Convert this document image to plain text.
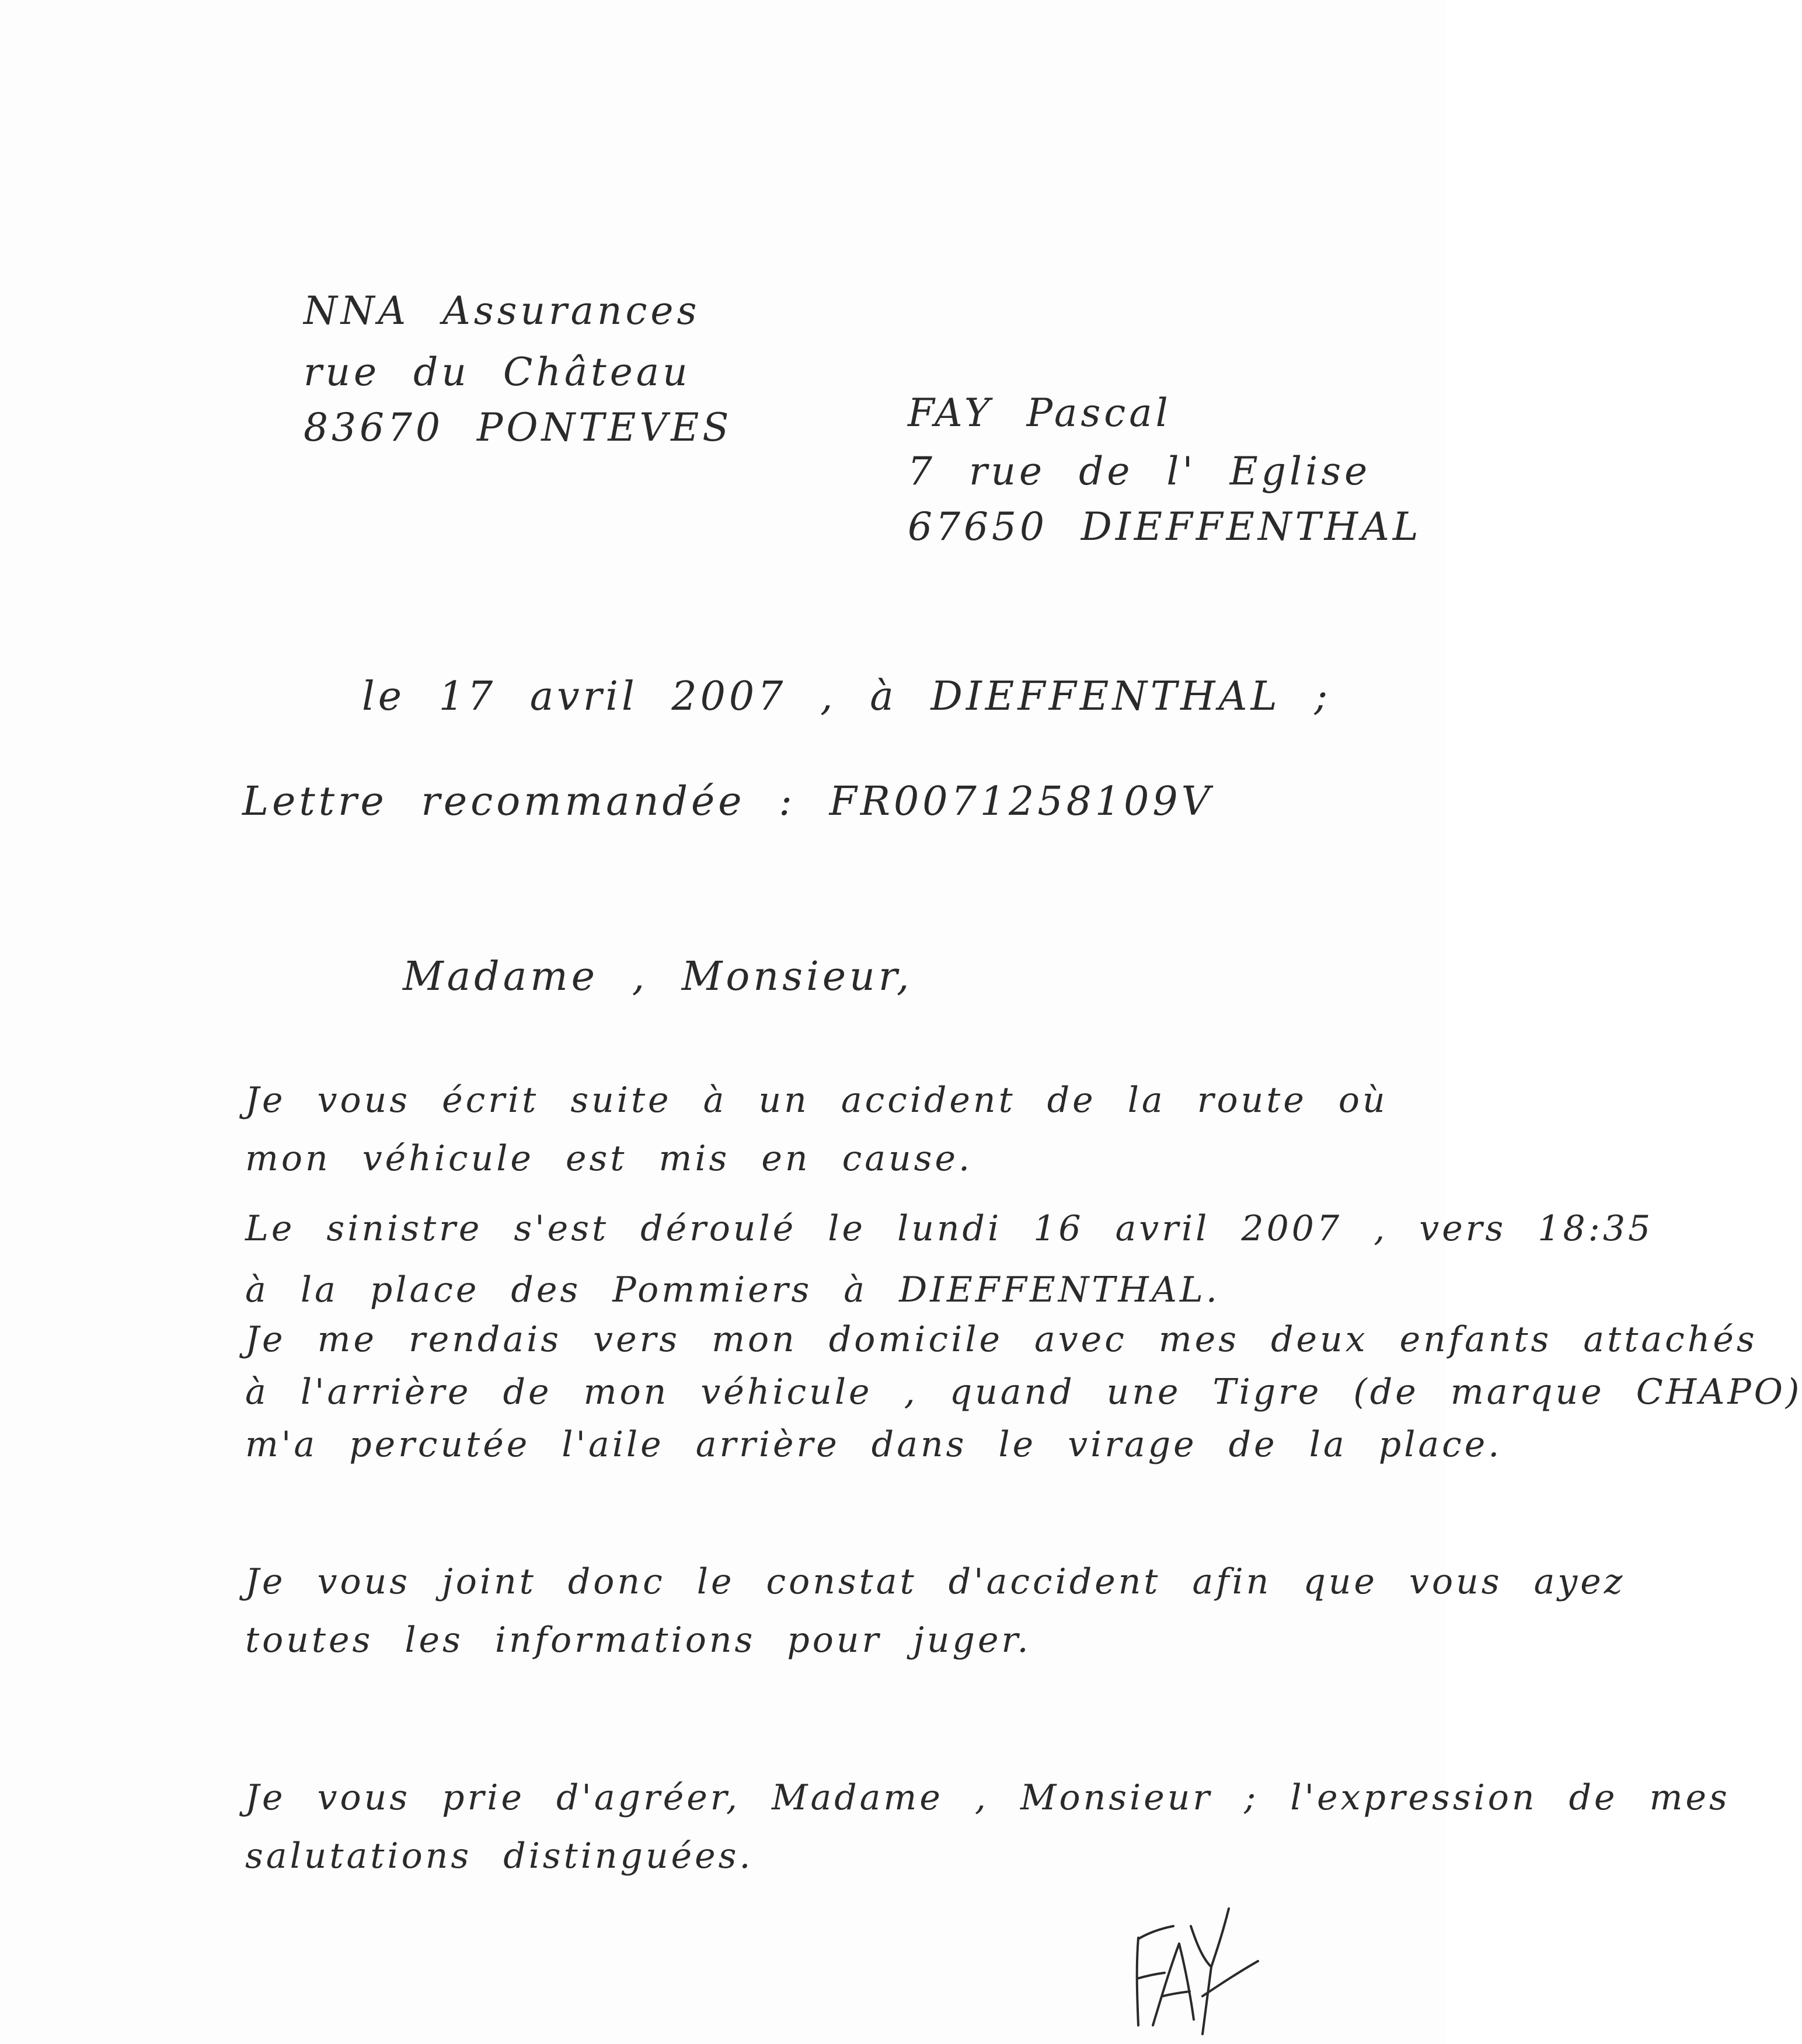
NNA Assurances
rue du Château
83670 PONTEVES	FAY Pascal
7 rue de l' Eglise
67650 DIEFFENTHAL
le 17 avril 2007 , à DIEFFENTHAL ;
Lettre recommandée : FR0071258109V
Madame , Monsieur,
Je vous écrit suite à un accident de la route où
mon véhicule est mis en cause.
Le sinistre s'est déroulé le lundi 16 avril 2007 , vers 18:35
à la place des Pommiers à DIEFFENTHAL.
Je me rendais vers mon domicile avec mes deux enfants attachés
à l'arrière de mon véhicule , quand une Tigre (de marque CHAPO)
m'a percutée l'aile arrière dans le virage de la place.
Je vous joint donc le constat d'accident afin que vous ayez
toutes les informations pour juger.
Je vous prie d'agréer, Madame , Monsieur ; l'expression de mes
salutations distinguées.
